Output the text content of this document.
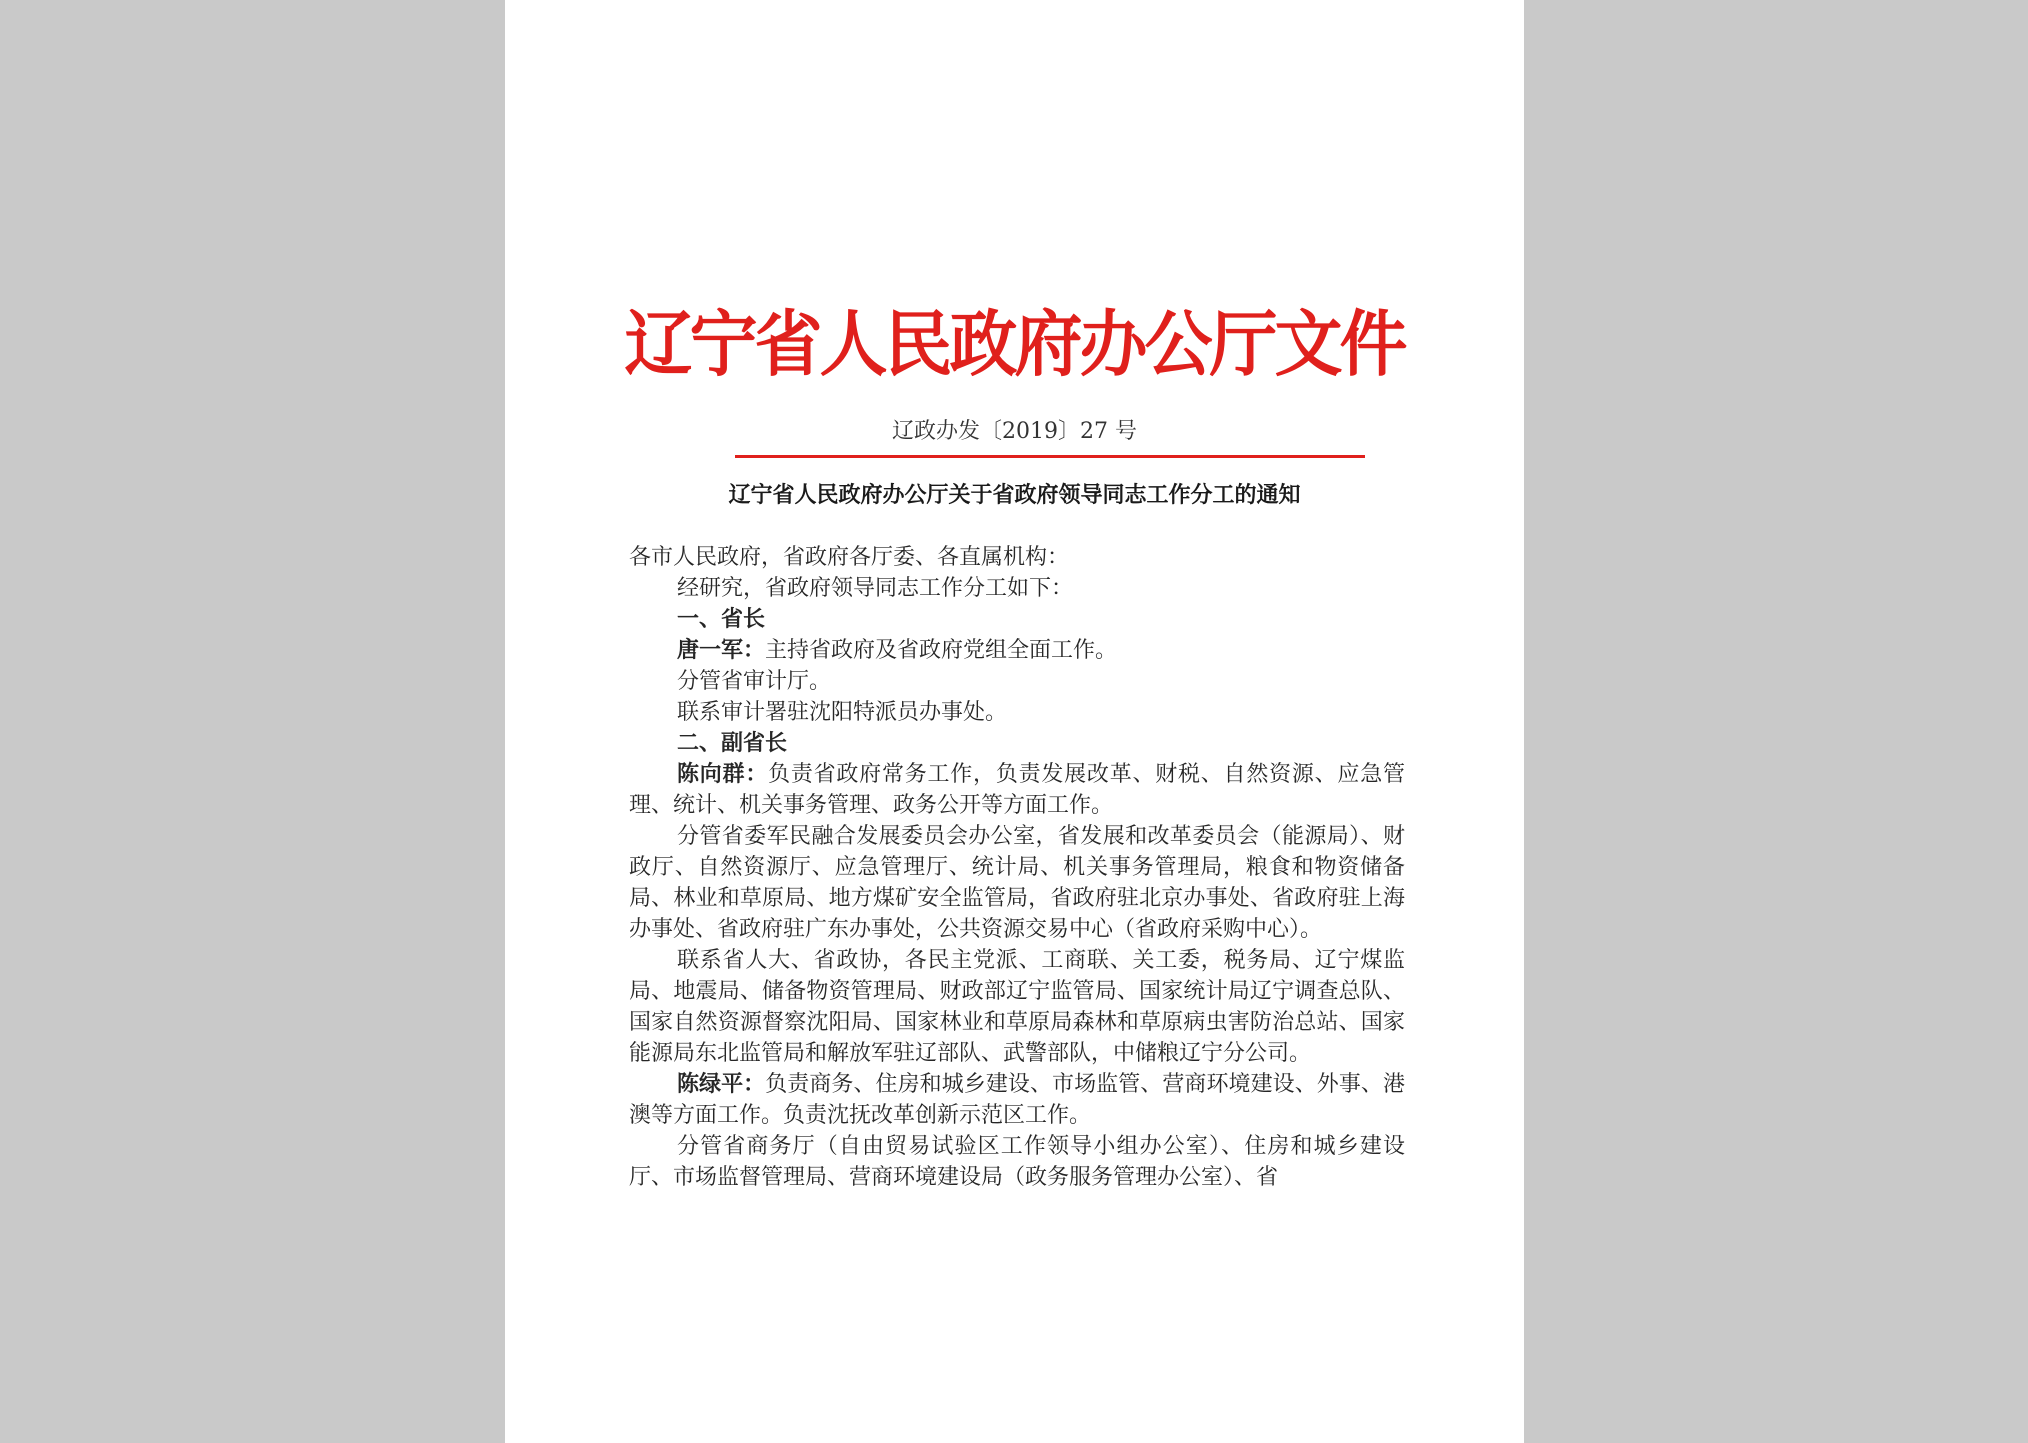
辽宁省人民政府办公厅文件
辽政办发〔2019〕27 号
辽宁省人民政府办公厅关于省政府领导同志工作分工的通知

各市人民政府，省政府各厅委、各直属机构：

经研究，省政府领导同志工作分工如下：

一、省长

唐一军：主持省政府及省政府党组全面工作。

分管省审计厅。

联系审计署驻沈阳特派员办事处。

二、副省长

陈向群：负责省政府常务工作，负责发展改革、财税、自然资源、应急管理、统计、机关事务管理、政务公开等方面工作。

分管省委军民融合发展委员会办公室，省发展和改革委员会（能源局）、财政厅、自然资源厅、应急管理厅、统计局、机关事务管理局，粮食和物资储备局、林业和草原局、地方煤矿安全监管局，省政府驻北京办事处、省政府驻上海办事处、省政府驻广东办事处，公共资源交易中心（省政府采购中心）。

联系省人大、省政协，各民主党派、工商联、关工委，税务局、辽宁煤监局、地震局、储备物资管理局、财政部辽宁监管局、国家统计局辽宁调查总队、国家自然资源督察沈阳局、国家林业和草原局森林和草原病虫害防治总站、国家能源局东北监管局和解放军驻辽部队、武警部队，中储粮辽宁分公司。

陈绿平：负责商务、住房和城乡建设、市场监管、营商环境建设、外事、港澳等方面工作。负责沈抚改革创新示范区工作。

分管省商务厅（自由贸易试验区工作领导小组办公室）、住房和城乡建设厅、市场监督管理局、营商环境建设局（政务服务管理办公室）、省
